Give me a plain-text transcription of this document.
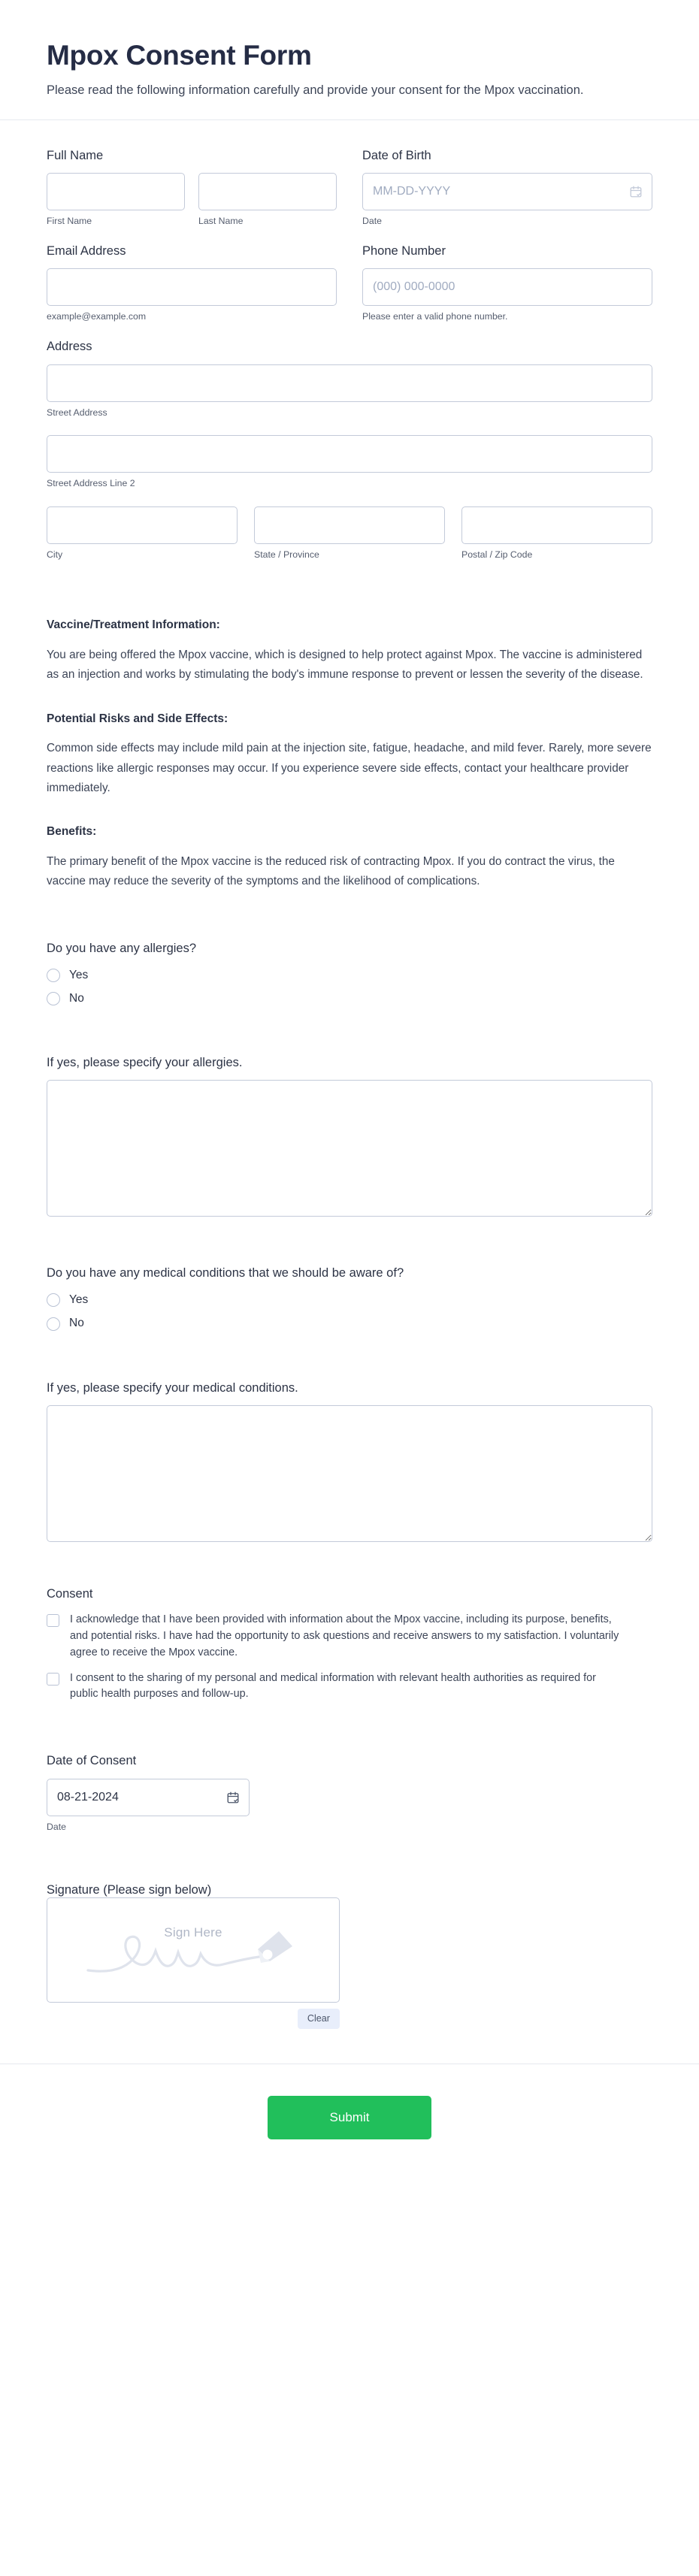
Mpox Consent Form

Please read the following information carefully and provide your consent for the Mpox vaccination.

Full Name
First Name	Last Name
Date of Birth
MM-DD-YYYY
Date
Email Address
example@example.com
Phone Number
(000) 000-0000
Please enter a valid phone number.
Address
Street Address
Street Address Line 2
City	State / Province	Postal / Zip Code

Vaccine/Treatment Information:

You are being offered the Mpox vaccine, which is designed to help protect against Mpox. The vaccine is administered as an injection and works by stimulating the body's immune response to prevent or lessen the severity of the disease.

Potential Risks and Side Effects:

Common side effects may include mild pain at the injection site, fatigue, headache, and mild fever. Rarely, more severe reactions like allergic responses may occur. If you experience severe side effects, contact your healthcare provider immediately.

Benefits:

The primary benefit of the Mpox vaccine is the reduced risk of contracting Mpox. If you do contract the virus, the vaccine may reduce the severity of the symptoms and the likelihood of complications.

Do you have any allergies?

Yes
No
If yes, please specify your allergies.

Do you have any medical conditions that we should be aware of?

Yes
No
If yes, please specify your medical conditions.

Consent

I acknowledge that I have been provided with information about the Mpox vaccine, including its purpose, benefits, and potential risks. I have had the opportunity to ask questions and receive answers to my satisfaction. I voluntarily agree to receive the Mpox vaccine.
I consent to the sharing of my personal and medical information with relevant health authorities as required for public health purposes and follow-up.
Date of Consent
08-21-2024
Date
Signature (Please sign below)
Sign Here
Clear
Submit
